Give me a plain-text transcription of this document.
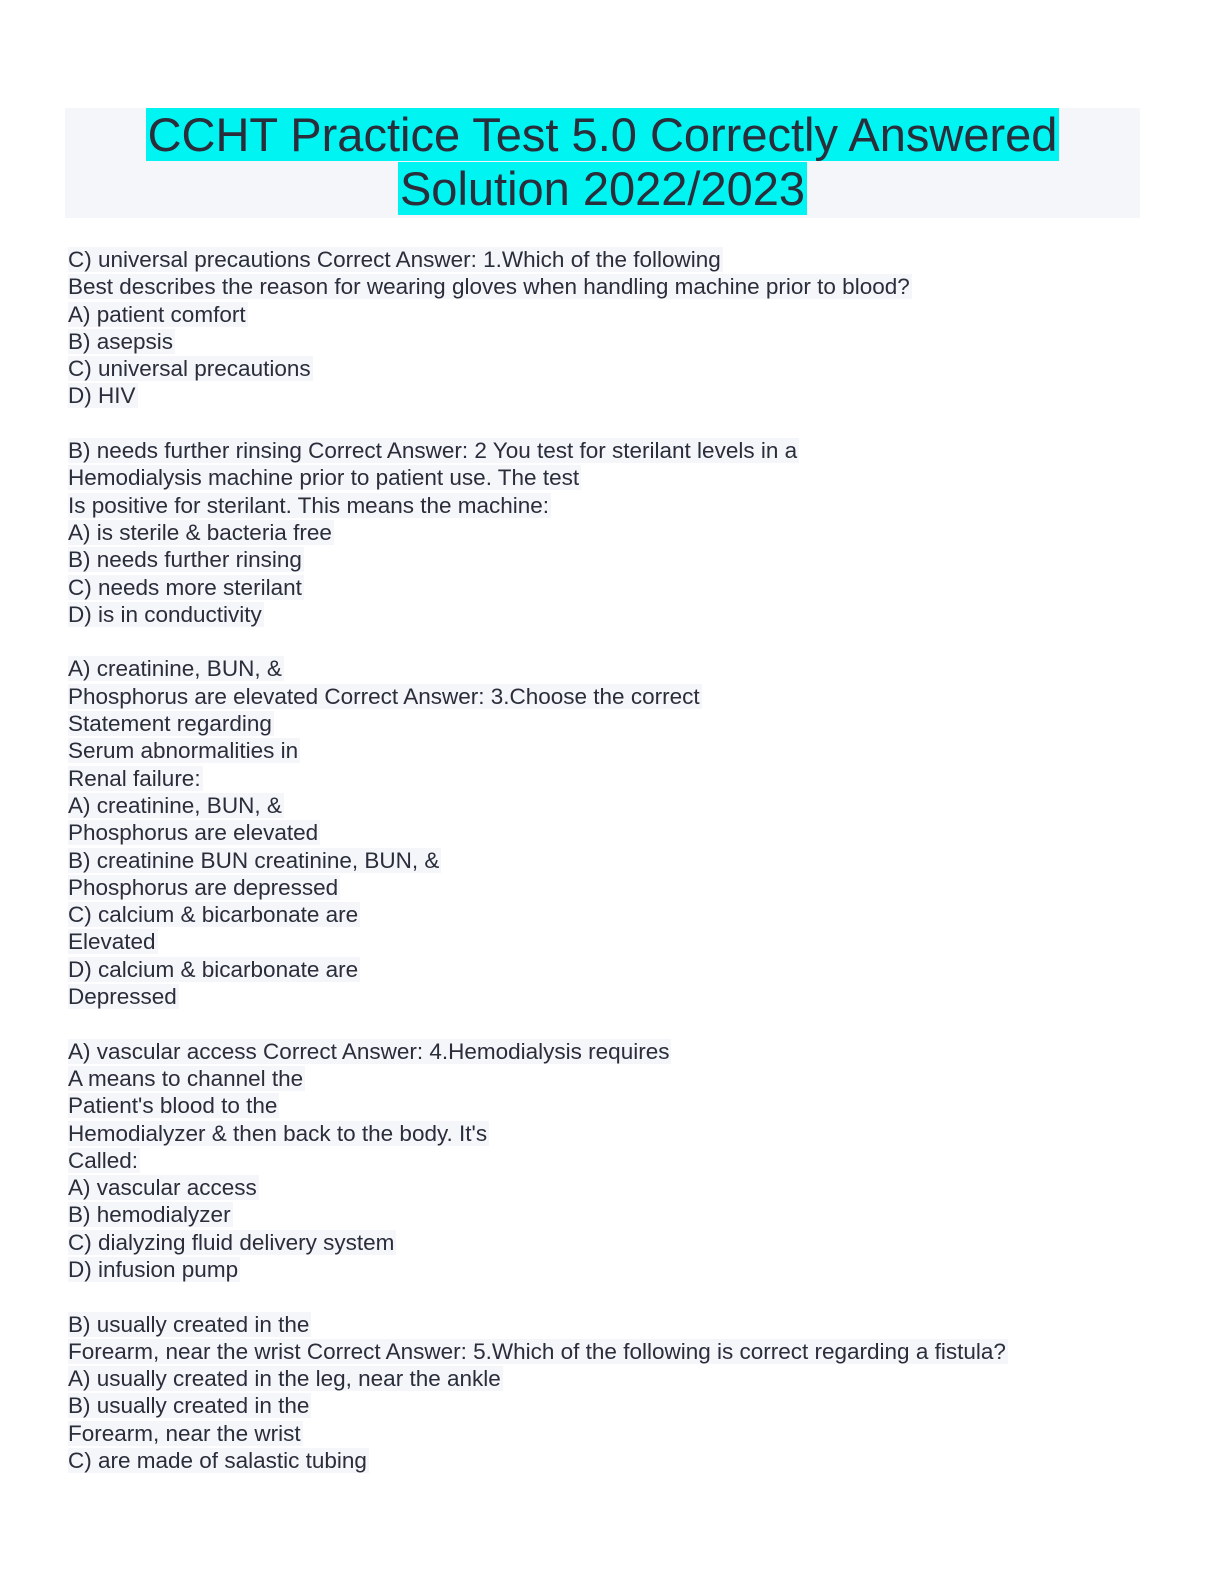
CCHT Practice Test 5.0 Correctly Answered
Solution 2022/2023
C) universal precautions Correct Answer: 1.Which of the following
Best describes the reason for wearing gloves when handling machine prior to blood?
A) patient comfort
B) asepsis
C) universal precautions
D) HIV
B) needs further rinsing Correct Answer: 2 You test for sterilant levels in a
Hemodialysis machine prior to patient use. The test
Is positive for sterilant. This means the machine:
A) is sterile & bacteria free
B) needs further rinsing
C) needs more sterilant
D) is in conductivity
A) creatinine, BUN, &
Phosphorus are elevated Correct Answer: 3.Choose the correct
Statement regarding
Serum abnormalities in
Renal failure:
A) creatinine, BUN, &
Phosphorus are elevated
B) creatinine BUN creatinine, BUN, &
Phosphorus are depressed
C) calcium & bicarbonate are
Elevated
D) calcium & bicarbonate are
Depressed
A) vascular access Correct Answer: 4.Hemodialysis requires
A means to channel the
Patient's blood to the
Hemodialyzer & then back to the body. It's
Called:
A) vascular access
B) hemodialyzer
C) dialyzing fluid delivery system
D) infusion pump
B) usually created in the
Forearm, near the wrist Correct Answer: 5.Which of the following is correct regarding a fistula?
A) usually created in the leg, near the ankle
B) usually created in the
Forearm, near the wrist
C) are made of salastic tubing
